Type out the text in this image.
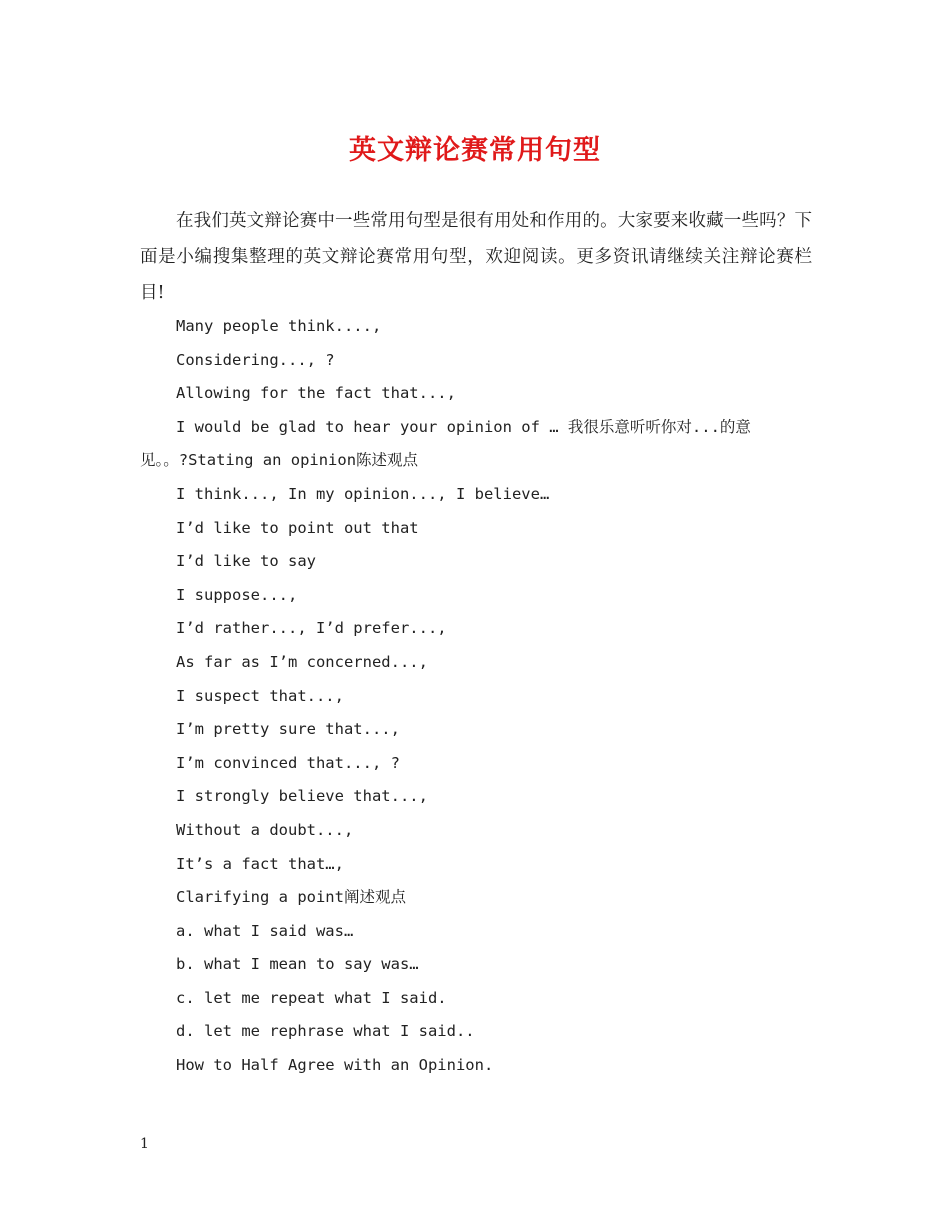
英文辩论赛常用句型
在我们英文辩论赛中一些常用句型是很有用处和作用的。大家要来收藏一些吗？下面是小编搜集整理的英文辩论赛常用句型，欢迎阅读。更多资讯请继续关注辩论赛栏目!
Many people think....,
Considering..., ?
Allowing for the fact that...,
I would be glad to hear your opinion of … 我很乐意听听你对...的意
见。。?Stating an opinion陈述观点
I think..., In my opinion..., I believe…
I’d like to point out that
I’d like to say
I suppose...,
I’d rather..., I’d prefer...,
As far as I’m concerned...,
I suspect that...,
I’m pretty sure that...,
I’m convinced that..., ?
I strongly believe that...,
Without a doubt...,
It’s a fact that…,
Clarifying a point阐述观点
a. what I said was…
b. what I mean to say was…
c. let me repeat what I said.
d. let me rephrase what I said..
How to Half Agree with an Opinion.
1
